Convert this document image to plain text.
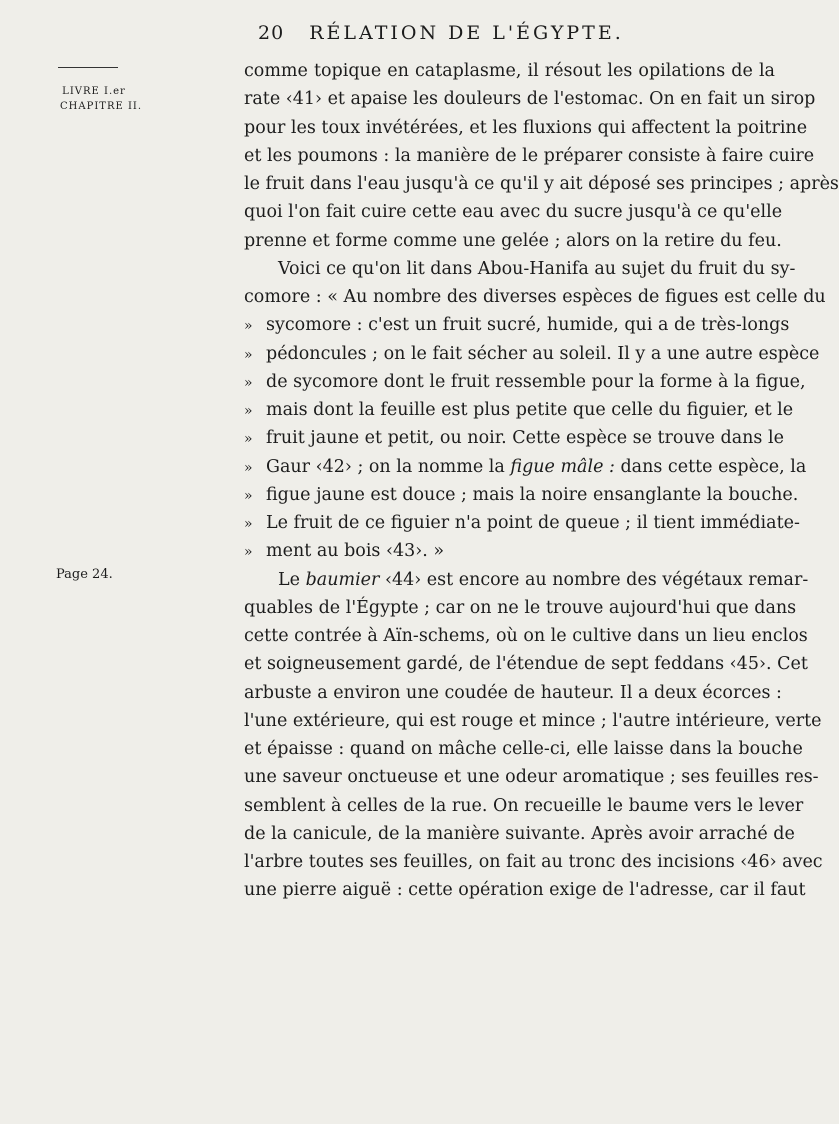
20 RÉLATION DE L'ÉGYPTE.
LIVRE I.er
CHAPITRE II.
Page 24.
comme topique en cataplasme, il résout les opilations de la
rate ‹41› et apaise les douleurs de l'estomac. On en fait un sirop
pour les toux invétérées, et les fluxions qui affectent la poitrine
et les poumons : la manière de le préparer consiste à faire cuire
le fruit dans l'eau jusqu'à ce qu'il y ait déposé ses principes ; après
quoi l'on fait cuire cette eau avec du sucre jusqu'à ce qu'elle
prenne et forme comme une gelée ; alors on la retire du feu.
Voici ce qu'on lit dans Abou-Hanifa au sujet du fruit du sy-
comore : « Au nombre des diverses espèces de figues est celle du
» sycomore : c'est un fruit sucré, humide, qui a de très-longs
» pédoncules ; on le fait sécher au soleil. Il y a une autre espèce
» de sycomore dont le fruit ressemble pour la forme à la figue,
» mais dont la feuille est plus petite que celle du figuier, et le
» fruit jaune et petit, ou noir. Cette espèce se trouve dans le
» Gaur ‹42› ; on la nomme la figue mâle : dans cette espèce, la
» figue jaune est douce ; mais la noire ensanglante la bouche.
» Le fruit de ce figuier n'a point de queue ; il tient immédiate-
» ment au bois ‹43›. »
Le baumier ‹44› est encore au nombre des végétaux remar-
quables de l'Égypte ; car on ne le trouve aujourd'hui que dans
cette contrée à Aïn-schems, où on le cultive dans un lieu enclos
et soigneusement gardé, de l'étendue de sept feddans ‹45›. Cet
arbuste a environ une coudée de hauteur. Il a deux écorces :
l'une extérieure, qui est rouge et mince ; l'autre intérieure, verte
et épaisse : quand on mâche celle-ci, elle laisse dans la bouche
une saveur onctueuse et une odeur aromatique ; ses feuilles res-
semblent à celles de la rue. On recueille le baume vers le lever
de la canicule, de la manière suivante. Après avoir arraché de
l'arbre toutes ses feuilles, on fait au tronc des incisions ‹46› avec
une pierre aiguë : cette opération exige de l'adresse, car il faut
